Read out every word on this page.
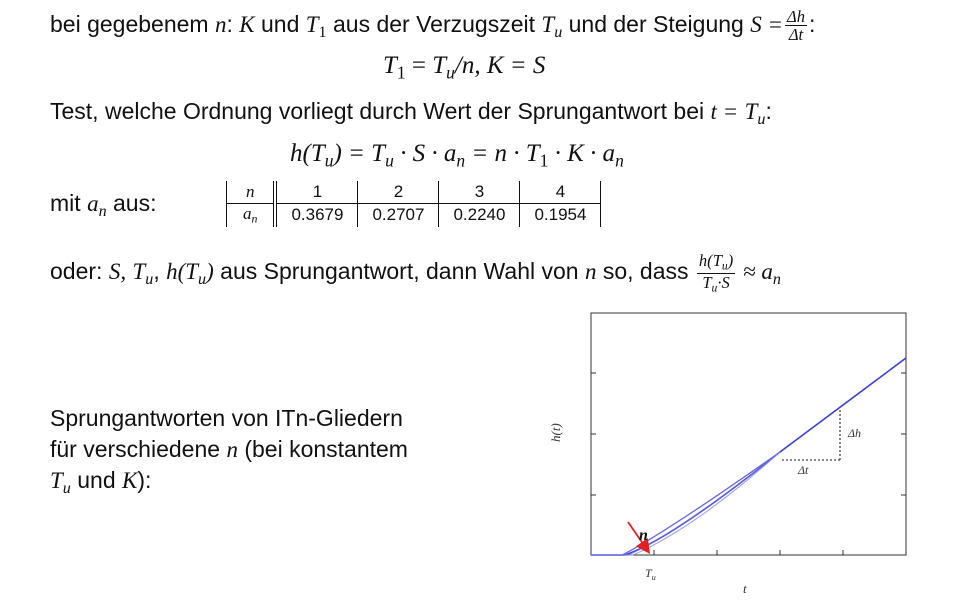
bei gegebenem n: K und $T_1$ aus der Verzugszeit $T_u$ und der Steigung $S = \frac{\Delta h}{\Delta t}$ :
$T_1 = T_u/n$, K = S
Test, welche Ordnung vorliegt durch Wert der Sprungantwort bei $t = T_u$:
$h(T_u) = T_u \cdot S \cdot a_n = n \cdot T_1 \cdot K \cdot a_n$
mit $a_n$ aus:	n	1	2	3	4
$a_n$	0.3679	0.2707	0.2240	0.1954
oder: S, $T_u$, $h(T_u)$ aus Sprungantwort, dann Wahl von n so, dass $\frac{h(T_u)}{T_u\cdot S} \approx a_n$
Sprungantworten von ITn-Gliedern
für verschiedene n (bei konstantem
$T_u$ und K):
Δh
Δt
n
$T_u$
h(t)
t
